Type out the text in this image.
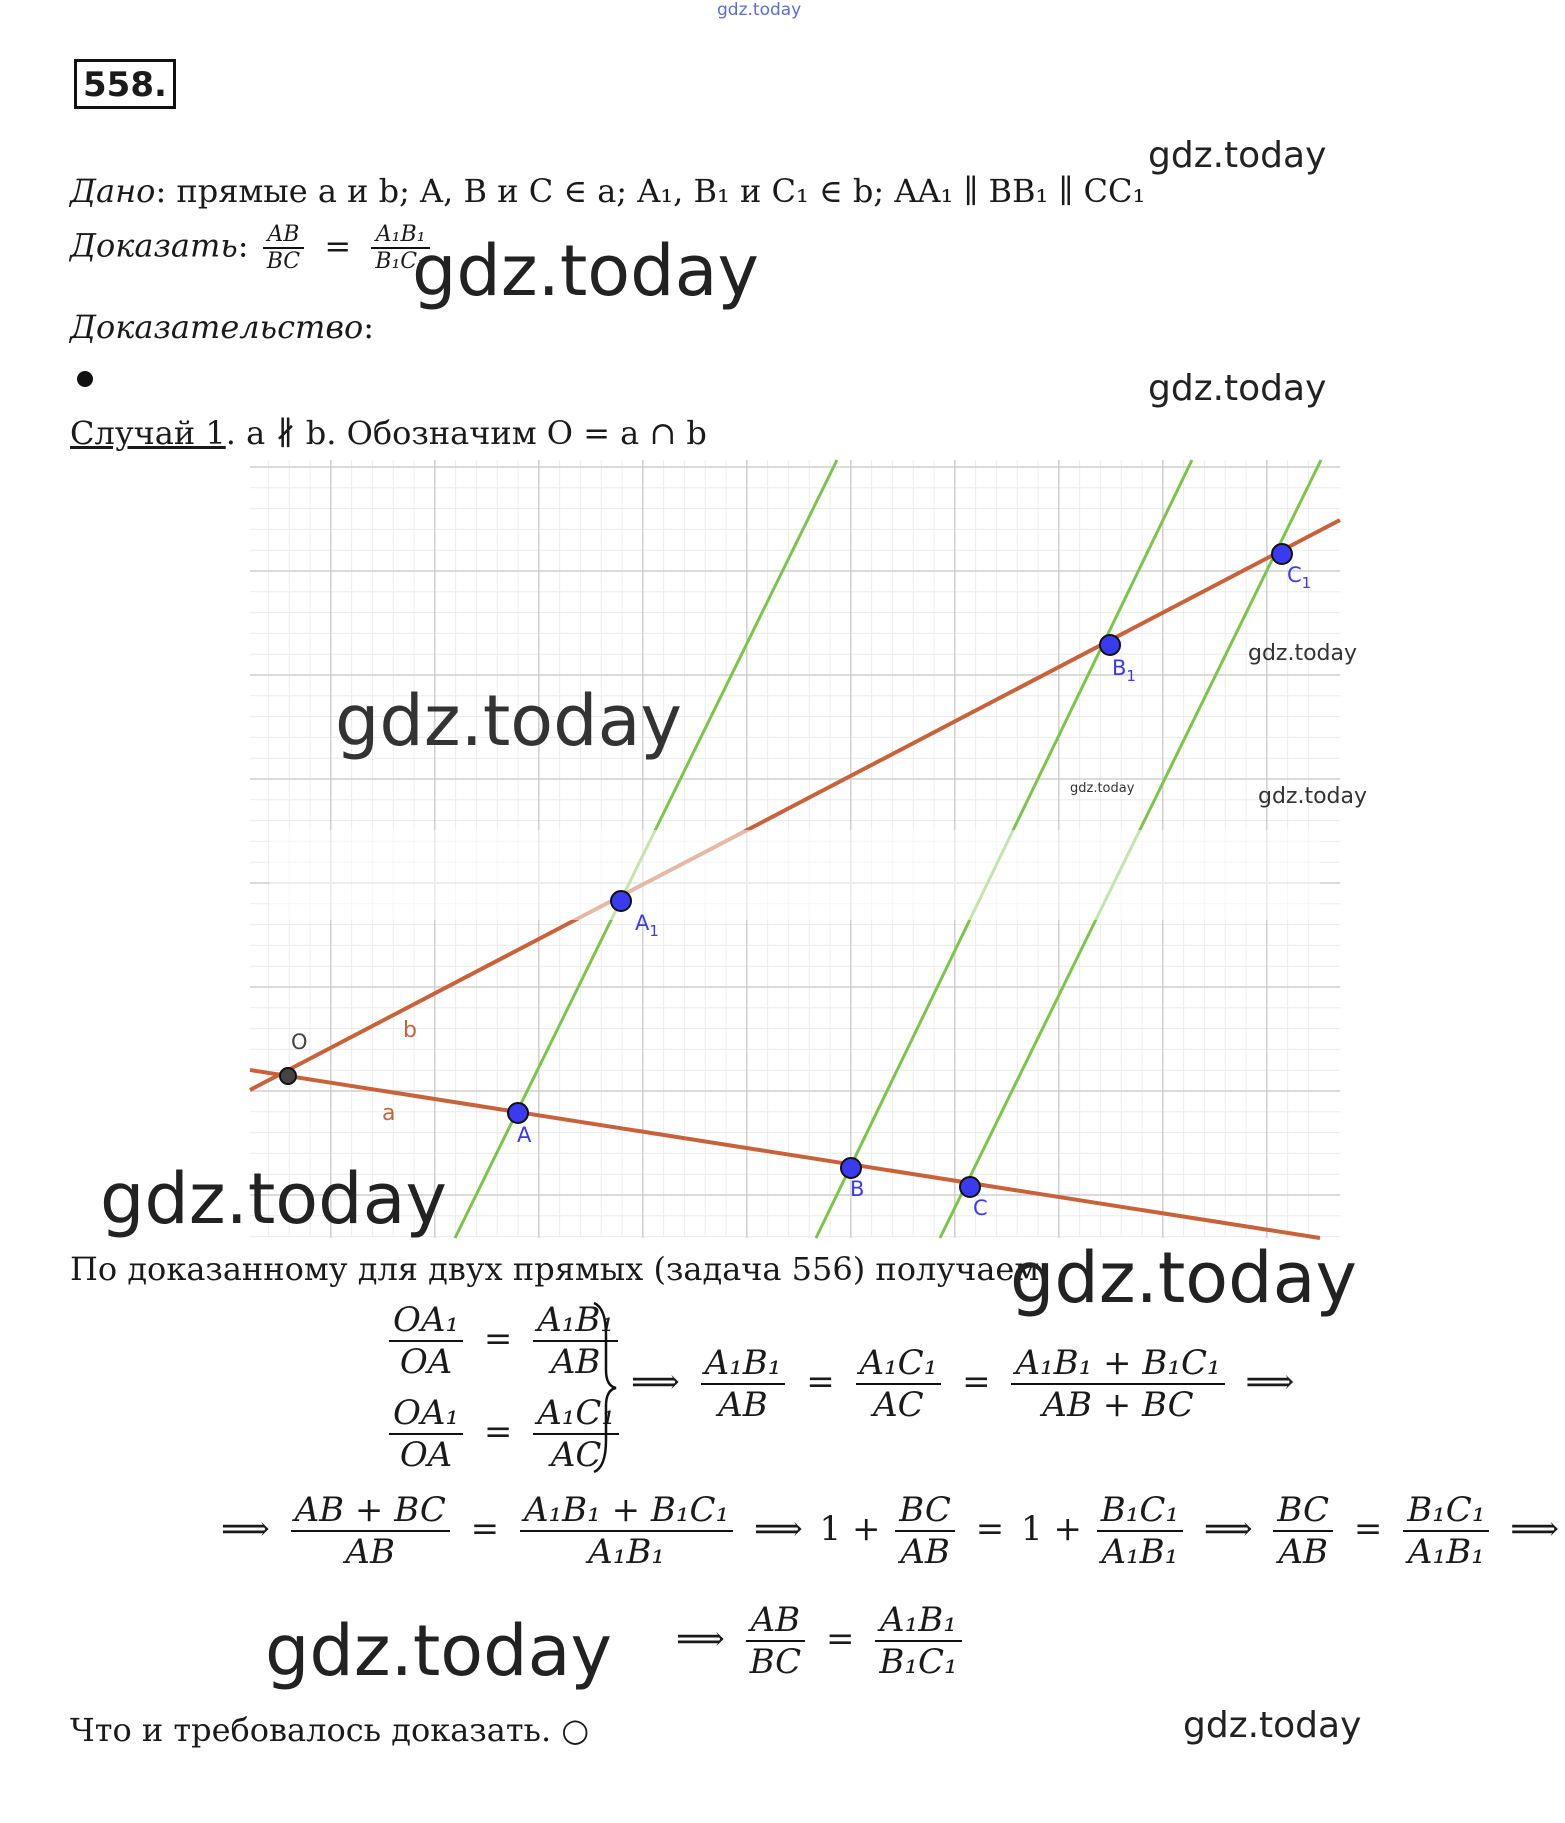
gdz.today
558.
gdz.today
Дано: прямые a и b; A, B и C ∈ a; A₁, B₁ и C₁ ∈ b; AA₁ ∥ BB₁ ∥ CC₁
Доказать: $\frac{AB}{BC} = \frac{\text{A₁B₁}}{\text{B₁C₁}}$
gdz.today
Доказательство:
gdz.today
Случай 1. a ∦ b. Обозначим O = a ∩ b
b
a
O
A
B
C
$A_1$
$B_1$
$C_1$
gdz.today
gdz.today
gdz.today	gdz.today
gdz.today
По доказанному для двух прямых (задача 556) получаем
gdz.today
$\frac{\text{OA₁}}{OA} = \frac{\text{A₁B₁}}{AB}$
$\frac{\text{OA₁}}{OA} = \frac{\text{A₁C₁}}{AC}$
⟹ $\frac{\text{A₁B₁}}{AB} = \frac{\text{A₁C₁}}{AC} = \frac{\text{A₁B₁ + B₁C₁}}{AB + BC}$ ⟹
⟹ $\frac{AB + BC}{AB} = \frac{\text{A₁B₁ + B₁C₁}}{\text{A₁B₁}}$ ⟹ $1 + \frac{BC}{AB} = 1 + \frac{\text{B₁C₁}}{\text{A₁B₁}}$ ⟹ $\frac{BC}{AB} = \frac{\text{B₁C₁}}{\text{A₁B₁}}$ ⟹
gdz.today ⟹ $\frac{AB}{BC} = \frac{\text{A₁B₁}}{\text{B₁C₁}}$
Что и требовалось доказать. ○	gdz.today
